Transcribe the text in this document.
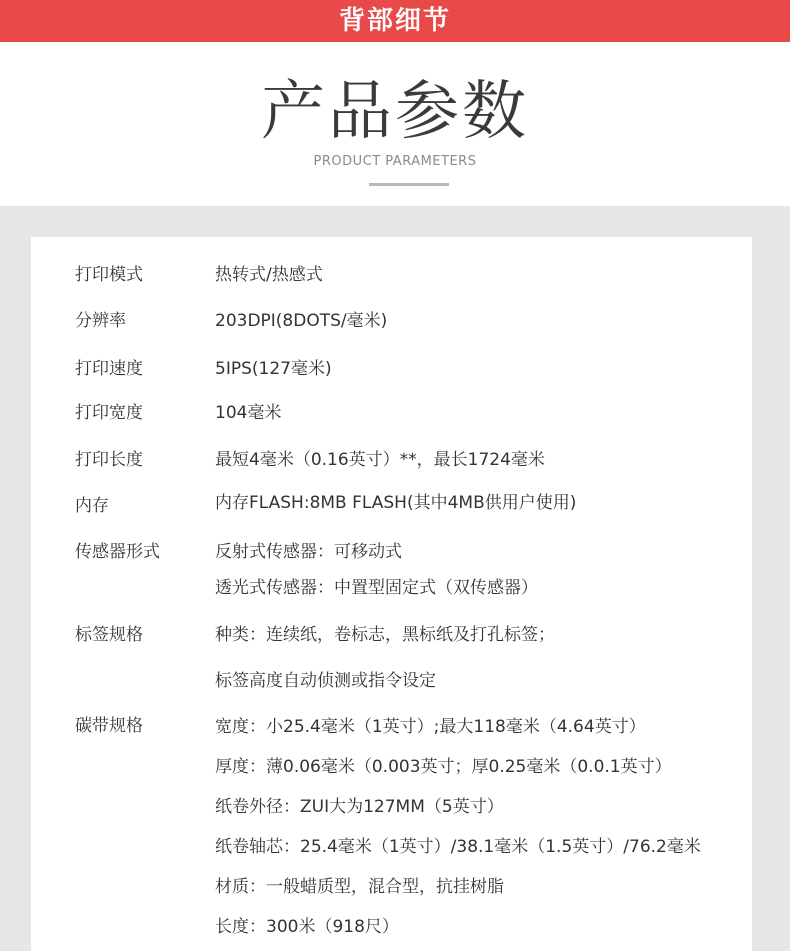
背部细节
产品参数
PRODUCT PARAMETERS
打印模式	热转式/热感式
分辨率	203DPI(8DOTS/毫米)
打印速度	5IPS(127毫米)
打印宽度	104毫米
打印长度	最短4毫米（0.16英寸）**，最长1724毫米
内存	内存FLASH:8MB FLASH(其中4MB供用户使用)
传感器形式	反射式传感器：可移动式
透光式传感器：中置型固定式（双传感器）
标签规格	种类：连续纸，卷标志，黑标纸及打孔标签；
标签高度自动侦测或指令设定
碳带规格	宽度：小25.4毫米（1英寸）;最大118毫米（4.64英寸）
厚度：薄0.06毫米（0.003英寸；厚0.25毫米（0.0.1英寸）
纸卷外径：ZUI大为127MM（5英寸）
纸卷轴芯：25.4毫米（1英寸）/38.1毫米（1.5英寸）/76.2毫米
材质：一般蜡质型，混合型，抗挂树脂
长度：300米（918尺）
